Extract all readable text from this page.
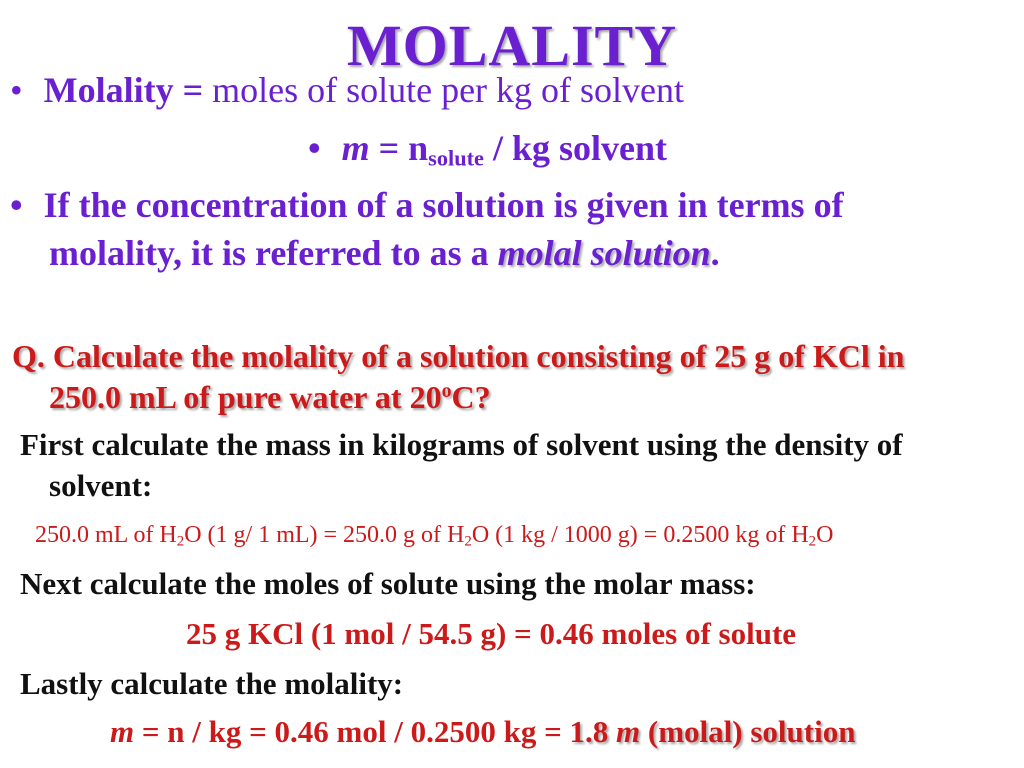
MOLALITY
• Molality = moles of solute per kg of solvent
• $m = n_{solute}$ / kg solvent
• If the concentration of a solution is given in terms of
molality, it is referred to as a molal solution.
Q. Calculate the molality of a solution consisting of 25 g of KCl in
250.0 mL of pure water at 20$^o$C?
First calculate the mass in kilograms of solvent using the density of
solvent:
250.0 mL of $H_2O$ (1 g/ 1 mL) = 250.0 g of $H_2O$ (1 kg / 1000 g) = 0.2500 kg of $H_2O$
Next calculate the moles of solute using the molar mass:
25 g KCl (1 mol / 54.5 g) = 0.46 moles of solute
Lastly calculate the molality:
m = n / kg = 0.46 mol / 0.2500 kg = 1.8 m (molal) solution
